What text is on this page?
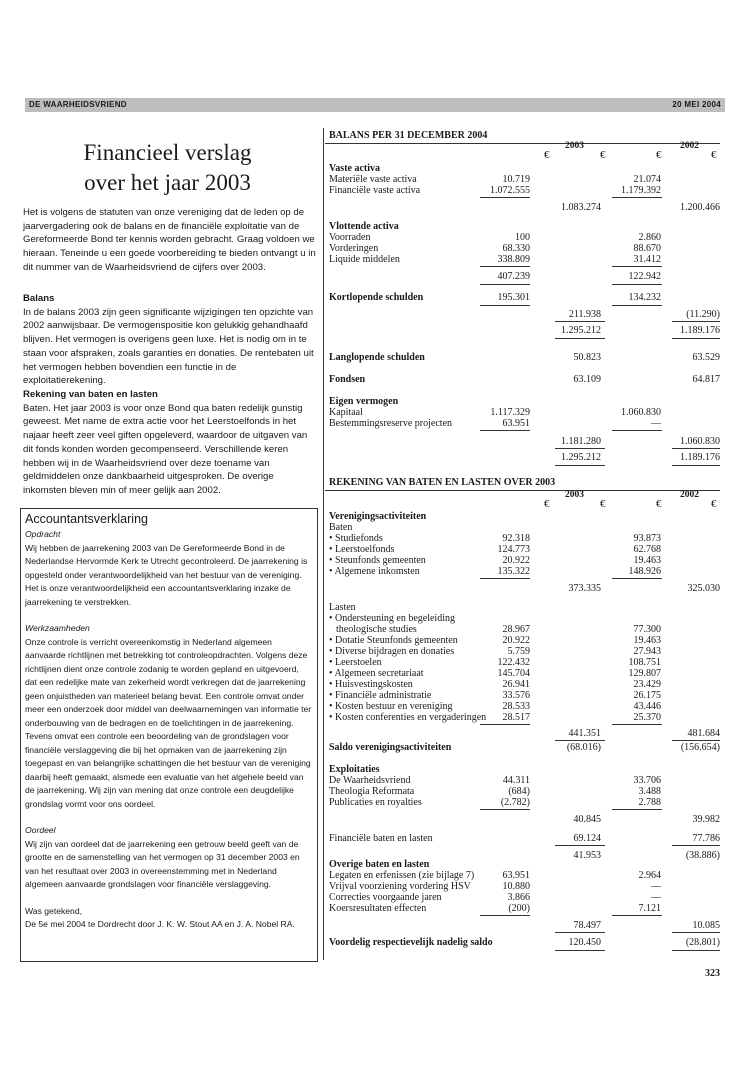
DE WAARHEIDSVRIEND	20 MEI 2004
Financieel verslag
over het jaar 2003

Het is volgens de statuten van onze vereniging dat de leden op de jaarvergadering ook de balans en de financiële exploitatie van de Gereformeerde Bond ter kennis worden gebracht. Graag voldoen we hieraan. Teneinde u een goede voorbereiding te bieden ontvangt u in dit nummer van de Waarheidsvriend de cijfers over 2003.

Balans

In de balans 2003 zijn geen significante wijzigingen ten opzichte van 2002 aanwijsbaar. De vermogenspositie kon gelukkig gehandhaafd blijven. Het vermogen is overigens geen luxe. Het is nodig om in te staan voor afspraken, zoals garanties en donaties. De rentebaten uit het vermogen hebben bovendien een functie in de exploitatierekening.

Rekening van baten en lasten

Baten. Het jaar 2003 is voor onze Bond qua baten redelijk gunstig geweest. Met name de extra actie voor het Leerstoelfonds in het najaar heeft zeer veel giften opgeleverd, waardoor de uitgaven van dit fonds konden worden gecompenseerd. Verschillende keren hebben wij in de Waarheidsvriend over deze toename van geldmiddelen onze dankbaarheid uitgesproken. De overige inkomsten bleven min of meer gelijk aan 2002.

Accountantsverklaring

Opdracht

Wij hebben de jaarrekening 2003 van De Gereformeerde Bond in de Nederlandse Hervormde Kerk te Utrecht gecontroleerd. De jaarrekening is opgesteld onder verantwoordelijkheid van het bestuur van de vereniging. Het is onze verantwoordelijkheid een accountantsverklaring inzake de jaarrekening te verstrekken.

Werkzaamheden

Onze controle is verricht overeenkomstig in Nederland algemeen aanvaarde richtlijnen met betrekking tot controleopdrachten. Volgens deze richtlijnen dient onze controle zodanig te worden gepland en uitgevoerd, dat een redelijke mate van zekerheid wordt verkregen dat de jaarrekening geen onjuistheden van materieel belang bevat. Een controle omvat onder meer een onderzoek door middel van deelwaarnemingen van informatie ter onderbouwing van de bedragen en de toelichtingen in de jaarrekening. Tevens omvat een controle een beoordeling van de grondslagen voor financiële verslaggeving die bij het opmaken van de jaarrekening zijn toegepast en van belangrijke schattingen die het bestuur van de vereniging daarbij heeft gemaakt, alsmede een evaluatie van het algehele beeld van de jaarrekening. Wij zijn van mening dat onze controle een deugdelijke grondslag vormt voor ons oordeel.

Oordeel

Wij zijn van oordeel dat de jaarrekening een getrouw beeld geeft van de grootte en de samenstelling van het vermogen op 31 december 2003 en van het resultaat over 2003 in overeenstemming met in Nederland algemeen aanvaarde grondslagen voor financiële verslaggeving.

Was getekend,

De 5e mei 2004 te Dordrecht door J. K. W. Stout AA en J. A. Nobel RA.

BALANS PER 31 DECEMBER 2004
2003	2002
€	€	€	€
Vaste activa
Materiële vaste activa	10.719	21.074
Financiële vaste activa	1.072.555	1.179.392
1.083.274	1.200.466
Vlottende activa
Voorraden	100	2.860
Vorderingen	68.330	88.670
Liquide middelen	338.809	31.412
407.239	122.942
Kortlopende schulden	195.301	134.232
211.938	(11.290)
1.295.212	1.189.176
Langlopende schulden	50.823	63.529
Fondsen	63.109	64.817
Eigen vermogen
Kapitaal	1.117.329	1.060.830
Bestemmingsreserve projecten	63.951	—
1.181.280	1.060.830
1.295.212	1.189.176
REKENING VAN BATEN EN LASTEN OVER 2003
2003	2002
€	€	€	€
Verenigingsactiviteiten
Baten
• Studiefonds	92.318	93.873
• Leerstoelfonds	124.773	62.768
• Steunfonds gemeenten	20.922	19.463
• Algemene inkomsten	135.322	148.926
373.335	325.030
Lasten
• Ondersteuning en begeleiding
theologische studies	28.967	77.300
• Dotatie Steunfonds gemeenten	20.922	19.463
• Diverse bijdragen en donaties	5.759	27.943
• Leerstoelen	122.432	108.751
• Algemeen secretariaat	145.704	129.807
• Huisvestingskosten	26.941	23.429
• Financiële administratie	33.576	26.175
• Kosten bestuur en vereniging	28.533	43.446
• Kosten conferenties en vergaderingen 28.517	25.370
441.351	481.684
Saldo verenigingsactiviteiten	(68.016)	(156.654)
Exploitaties
De Waarheidsvriend	44.311	33.706
Theologia Reformata	(684)	3.488
Publicaties en royalties	(2.782)	2.788
40.845	39.982
Financiële baten en lasten	69.124	77.786
41.953	(38.886)
Overige baten en lasten
Legaten en erfenissen (zie bijlage 7)	63.951	2.964
Vrijval voorziening vordering HSV	10.880	—
Correcties voorgaande jaren	3.866	—
Koersresultaten effecten	(200)	7.121
78.497	10.085
Voordelig respectievelijk nadelig saldo	120.450	(28.801)
323
